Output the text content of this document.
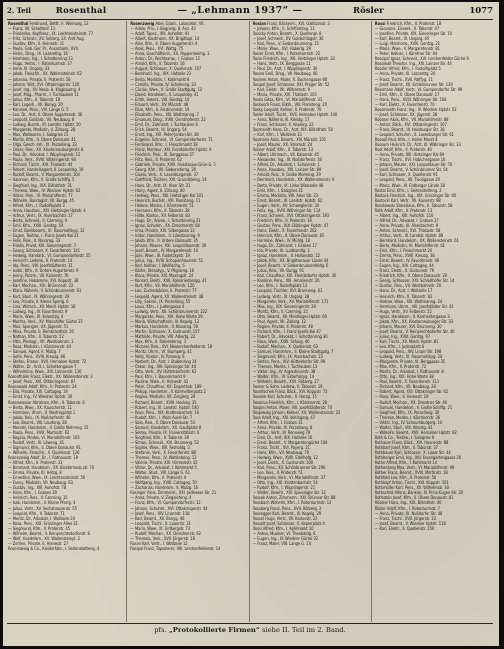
2. Teil	Rosenthal	— „Lehmann 1937“ —	Rösler	1077
Rosenthal Ferdinand, Bettf., II. Weimarg. 13
— Franz, VII. Schottenf. 11
— Friederike, Kopfbesc., IX. Liechtensteinstr. 77
— Fritz, Schnstr., XV. Selzerg. 24. Amt Aug.
— Gustav, Kfm., II. Heinestr. 31
— Paula, Geb. Ger. Pr., Ausschank, XVII.
— Heinr., Drog., IX. Lazarethg. 16
— Hermann, Ing., I. Schottenring 13
— Hugo, Vertrs., I. Rotenturmstr. 17
— Irene, III. Ungarg. 33
— Jakob, Fleischh., XX. Wallensteinstr. 62
— Johanna, Private, II. Praterstr. 58
— Johann, Wirt, XVI. Ottakringerstr. 120
— Josef, Ing., XV. Neub. 8. Klagbaumg. 4
— Josef, Mag., Pharm., I. Tuchlauben 11
— Julius, Kfm., II. Taborstr. 18
— Karl, Lagerh., XII. Bonyg. 20
— Karoline, Pens., VIII. Lange G. 5
— Leo, Dr., Arzt, II. Obere Augartenstr. 36
— Leopold, Goldarb., VII. Neubaug. 8
— Ludwig, Buchh., III. Landstr. Hptstr. 50
— Margarete, Modistin, II. Zirkusg. 28
— Max, Wollwaren, I. Salzgries 15
— Moritz, Kfm., II. Obere Donaustr. 41
— Olga, Gesch.-Inh., IX. Porzellang. 22
— Oskar, Reis., XX. Klosterneuburgerstr. 8
— Paul, Dr., Advokat, I. Wipplingerstr. 12
— Paula, Verk., XVIII. Währingerstr. 90
— Richard, Tischl., XVI. Thaliastr. 44
— Robert, Handelsagent, II. Leopoldsg. 19
— Rudolf, Beamt., V. Margaretenstr. 104
— Salomon, Kfm., II. Große Schiffg. 5
— Siegfried, Ing., XIX. Billrothstr. 31
— Therese, Wwe., IV. Wiedner Hptstr. 62
— Viktor, Prok., VI. Mariahilferstr. 77
— Wilhelm, Bandagist, VII. Burgg. 45
— Alfred, Kfm., I. Rudolfsplatz 3
— Anna, Hausbes., XIII. Hietzinger Hptstr. 4
— Arthur, Vertr., IX. Alserbachstr. 17
— Berta, Schneid., II. Czerning. 9
— Emil, Kfm., XVIII. Gentzg. 54
— Ernst, Bankbeamt., III. Rasumofskyg. 12
— Eugen, Textilw., I. Franz-Josefs-Kai 21
— Felix, Reis., II. Novarag. 33
— Frieda, Privat, XIX. Sieveringerstr. 7
— Georg, Schlosser, X. Favoritenstr. 141
— Hedwig, Handarb., VI. Gumpendorferstr. 55
— Heinrich, Lederw., II. Praterstr. 14
— Ida, Pens., VIII. Josefstädterstr. 31
— Isidor, Kfm., II. Untere Augartenstr. 9
— Jenny, Putzm., VII. Kaiserstr. 76
— Josefine, Hebamme, XVI. Koppstr. 38
— Karl, Mechan., XXI. Brünnerstr. 22
— Klara, Näherin, V. Schönbrunnerstr. 91
— Kurt, Stud., IX. Währingerstr. 29
— Lea, Private, II. Kleine Sperlg. 6
— Lina, Wirtsch., XII. Meidl. Hptstr. 18
— Ludwig, Ing., IV. Favoritenstr. 9
— Marie, Wwe., III. Kolonitzg. 4
— Martha, Verk., XV. Mariahilfer Gürtel 37
— Max, Spengler, XX. Jägerstr. 51
— Mina, Private, II. Rembrandtstr. 20
— Nathan, Kfm., II. Taborstr. 52
— Otto, Photogr., VII. Westbahnstr. 3
— Rosa, Modistin, I. Kärntnerstr. 44
— Samuel, Agent, II. Malzg. 7
— Sofie, Pens., XVIII. Kreuzg. 66
— Stefan, Friseur, XVII. Hernalser Hptstr. 72
— Walter, Dr., Arzt, I. Schottengasse 7
— Wilhelmine, Wwe., XIII. Lainzerstr. 130
Rosenthaler Franz, Elektr., XX. Wallensteinstr. 3
— Josef, Pens., XVI. Ottakringerstr. 87
Rosenwald Adolf, Kfm., II. Praterstr. 24
— Ella, Private, XIX. Cottageg. 19
— Ernst, Ing., IV. Wiedner Hptstr. 30
Rosenwasser Abraham, Kfm., II. Taborstr. 6
— Berta, Wwe., XX. Rauscherstr. 11
— Hermann, Uhrm., II. Nestroyplatz 1
— Jakob, Reis., IX. Nußdorferstr. 40
— Leo, Beamt., VIII. Laudong. 28
— Mendel, Handelsm., II. Große Mohreng. 15
— Paula, Pens., XVIII. Martinstr. 62
— Regina, Modes, VI. Mariahilferstr. 103
— Rudolf, Vertr., III. Löweng. 41
— Sigmund, Kfm., II. Obere Donaustr. 91
— Wilhelm, Fleischh., X. Quellenstr. 126
Rosenzweig Adolf, Dr., I. Rathausstr. 19
— Alfred, Kfm., II. Praterstr. 33
— Bernhard, Handelsm., XX. Klosterneub.str. 70
— Emma, Private, III. Hetzg. 8
— Ernestine, Wwe., IX. Liechtensteinstr. 50
— Fanny, Modistin, VII. Neubaug. 63
— Gustav, Ing., XIII. Auhofstr. 78
— Hans, Kfm., I. Graben 29
— Heinrich, Reis., II. Czerning. 15
— Isak, Handelsm., II. Kleine Pfarrg. 4
— Julius, Vertr., XV. Sechshauserstr. 55
— Leopold, Kfm., II. Taborstr. 71
— Moritz, Dr., Advokat, I. Wollzeile 24
— Rosa, Pens., XIX. Grinzinger Allee 31
— Siegmund, Kfm., II. Praterstr. 45
— Wilhelm, Beamt., V. Reinprechtsdorferstr. 8
— Wolf, Handelsm., XX. Wallensteinpl. 2
— Zerline, Private, II. Heinestr. 27
Rosenzweig & Co., Kleiderfabr., I. Seitenstetteng. 4
Rosenzweig Abel, Glash., Laborator, VII.
— Adele, Priv., I. Bognerg. 8. Anz. 43
— Adolf, Tapez., XIII. Auhofstr. 91
— Albert, Kaufmann, XX. Brigittapl. 14
— Alex, Kfm., II. Obere Augartenstr. 4
— Alois, Pens., XVI. Wattg. 75
— Anna, Geschäftsinh., XX. Pappenheimg. 3
— Anton, Dr., Rechtsanw., I. Graben 12
— Arnold, Kfm., II. Taborstr. 16
— August, Schlosser, X. Quellenstr. 107
— Bernhard, Ing., XIX. Hofzeile 23
— Berta, Modistin, I. Kohlmarkt 8
— Camilla, Private, IV. Schelleing. 33
— Cäcilie, Wwe., II. Große Stadtgutg. 12
— David, Handelsm., II. Leopoldsg. 41
— Edith, Sekret., VIII. Skodag. 10
— Eduard, Vertr., XV. Märzstr. 48
— Elias, Kfm., II. Ferdinandstr. 19
— Elisabeth, Pens., XIII. Wattmanng. 7
— Emanuel, Drog., XVIII. Gersthoferstr. 22
— Emil, Dr., Zahnarzt, I. Tuchlauben 6
— Erich, Beamt., III. Ungarg. 54
— Ernst, Ing., XIX. Peter-Jordan-Str. 38
— Eugenie, Schneid., VI. Gumpendorferstr. 71
— Ferdinand, Kfm., I. Fleischmarkt 18
— Franz, Monteur, XXI. Floridsdorfer Hptstr. 9
— Friedrich, Prok., IX. Berggasse 27
— Fritz, Reis., II. Praterstr. 62
— Gabriele, Private, XVIII. Anastasius-Grün-G. 5
— Georg, Kfm., VII. Siebensterng. 20
— Gisela, Verk., X. Laxenburgerstr. 37
— Gottfried, Tischler, XVI. Grundsteing. 14
— Hans, Dr., Arzt, IX. Alser Str. 21
— Harry, Agent, II. Zirkusg. 40
— Hedwig, Pens., XIII. Hietzinger Kai 101
— Heinrich, Buchdr., VIII. Piaristeng. 11
— Helene, Modes, I. Kärntnerstr. 51
— Hermann, Kfm., II. Taborstr. 28
— Hilde, Kontor., XV. Felberstr. 83
— Hugo, Dr., Advok., I. Schottenring 21
— Ignaz, Schuhm., XX. Dresdnerstr. 64
— Irma, Private, XIX. Silbergasse 12
— Isidor, Handelsm., II. Lilienbrunng. 9
— Jakob, Kfm., II. Untere Donaustr. 35
— Johann, Maurer, XXI. Leopoldauerstr. 30
— Josef, Beamt., IV. Margaretenstr. 14
— Julie, Wwe., III. Radetzkystr. 19
— Julius, Ing., XVIII. Schopenhauerstr. 51
— Karl, Kellner, I. Wallfischg. 6
— Käthe, Stenotyp., V. Pilgramg. 16
— Klara, Private, XIII. Maxingstr. 24
— Konrad, Elektr., XVII. Kalvarienbergg. 41
— Kurt, Kfm., VII. Mariahilferstr. 120
— Leo, Zuckerbäcker, II. Praterstr. 77
— Leopold, Agent, XX. Wallensteinstr. 48
— Lilly, Sekret., IX. Porzellang. 55
— Louis, Kfm., I. Judengasse 4
— Ludwig, Vertr., XII. Schönbrunnerstr. 222
— Margarete, Pens., XIX. Hohe Warte 29
— Maria, Wirtschafterin, III. Kegelg. 13
— Markus, Handelsm., II. Novarag. 50
— Martin, Schlosser, X. Gudrunstr. 157
— Mathilde, Private, VIII. Albertg. 22
— Max, Kfm., II. Rotensterng. 3
— Michael, Reis., XVI. Neulerchenfelderstr. 18
— Moritz, Uhrm., VI. Stumperg. 41
— Nelly, Kontor., IV. Rainerg. 6
— Norbert, Dr., Arzt, I. Stubenring 14
— Oskar, Ing., XIII. Speisinger Str. 44
— Otto, Vertr., XV. Hütteldorferstr. 62
— Paul, Kfm., I. Bauernmarkt 9
— Pauline, Wwe., II. Heinestr. 41
— Peter, Chauffeur, XX. Engerthstr. 189
— Philipp, Handelsm., II. Karmeliterplatz 2
— Regine, Modistin, VII. Zieglerg. 29
— Richard, Beamt., XVIII. Hockeg. 35
— Robert, Ing., III. Landstr. Hptstr. 140
— Rosa, Pens., XIX. Krottenbachstr. 16
— Rudolf, Kfm., I. Marc-Aurel-Str. 7
— Salo, Reis., II. Obere Donaustr. 53
— Samuel, Handelsm., XX. Gaußplatz 8
— Selma, Private, IX. Universitätsstr. 6
— Siegfried, Kfm., II. Taborstr. 39
— Simon, Schneid., XVI. Brunneng. 52
— Sophie, Wwe., XIII. Fasholdg. 3
— Stefanie, Verk., X. Favoritenstr. 88
— Therese, Pens., IV. Wohllebeng. 12
— Valerie, Private, XIX. Himmelstr. 42
— Viktor, Dr., Advokat, I. Kohlmarkt 5
— Walter, Stud., VIII. Lange G. 61
— Wilhelm, Kfm., II. Praterstr. 9
— Wolfgang, Ing., XVIII. Cottageg. 70
— Zacharias, Handelsm., II. Malzg. 16
Rosinger Alois, Zimmerm., XXI. Jedleseer Str. 21
— Anna, Private, V. Ziegelofeng. 4
— Franz, Kfm., VI. Gumpendorferstr. 12
— Johann, Schuhm., XVI. Ottakringerstr. 44
— Josef, Pens., XIV. Linzerstr. 118
— Karl, Beamt., XII. Bonyg. 46
— Leopold, Tischl., X. Laaerstr. 31
— Maria, Wwe., III. Erdbergstr. 73
— Rudolf, Mechan., XX. Dresdnerstr. 92
— Theresia, Verk., XVII. Jörgerstr. 18
Rosini Karl, Vertr., I. Wollzeile 12
Rosipal Franz, Tapezierer, VIII. Lerchenfelderstr. 14
Rosian Franz, Bäckerm., XVI. Gallitzinstr. 3
— Johann, Kfm., II. Schiffamtsg. 11
Rosicky Anton, Beamt., X. Quellenpl. 8
— Josef, Schneid., XV. Goldschlagstr. 36
— Karl, Pens., V. Siebenbrunneng. 15
— Marie, Wwe., XVI. Haberlg. 29
Rosier Ernst, Kfm., I. Rotenturmstr. 22
Rosin Friedrich, Ing., XIII. Hietzinger Hptstr. 33
— Hans, Vertr., IX. Berggasse 11
— Paul, Dr., Arzt, I. Wipplingerstr. 30
Rosina Emil, Drog., VII. Neubaug. 40
Rosinek Anton, Maler, X. Buchengasse 80
Rosipal Josef, Schlosser, XXI. Prager Str. 52
— Karl, Elektr., XII. Wilhelmstr. 9
— Maria, Private, XVI. Thaliastr. 103
Roska Géza, Kfm., VI. Mariahilferstr. 31
Roskosch Franz, Bildh., VIII. Piaristeng. 20
Rosky Leopold, Kellner, II. Praterstr. 70
Rosler Adolf, Tischl., XVII. Hernalser Hptstr. 140
— Anna, Näherin, III. Kleistg. 17
— Franz, Schlosser, X. Keplerg. 22
Rosmanith Hans, Dr., Arzt, XIX. Billrothstr. 58
— Karl, Kfm., I. Wollzeile 33
Rosmann Alois, Beamt., XIV. Märzstr. 101
— Josef, Maurer, XX. Stromstr. 24
Rosner Adolf, Kfm., II. Taborstr. 13
— Albert, Uhrmach., VII. Kaiserstr. 45
— Alexander, Ing., IX. Nußdorferstr. 18
— Alfred, Dr., Advokat, I. Schulerstr. 1
— Anna, Hausbes., XIII. Lainzer Str. 89
— Arnold, Reis., II. Große Mohreng. 29
— Bernhard, Handelsm., XX. Wallensteinstr. 9
— Berta, Private, VI. Linke Wienzeile 48
— Emil, Kfm., I. Salzgries 21
— Emma, Modistin, VIII. Alser Str. 23
— Ernst, Beamt., III. Landstr. Hptstr. 62
— Eugen, Vertr., XV. Schweglerstr. 34
— Felix, Ing., XVIII. Währinger Str. 114
— Franz, Schneid., XVI. Ottakringerstr. 193
— Friedrich, Kfm., II. Praterstr. 36
— Gustav, Pens., XIX. Döblinger Hptstr. 47
— Hans, Elektr., X. Favoritenstr. 202
— Heinrich, Kfm., II. Obere Donaustr. 65
— Hermine, Wwe., IV. Mühlg. 18
— Hugo, Dr., Zahnarzt, I. Graben 17
— Ida, Private, IX. Lustkandlg. 3
— Ignaz, Handelsm., II. Hollandstr. 12
— Jakob, Kfm., XX. Brigittenauer Lände 44
— Josef, Beamt., V. Siebenbrunnenfeldg. 6
— Julius, Reis., VII. Burgg. 91
— Karl, Chauffeur, XXI. Floridsdorfer Hptstr. 36
— Karoline, Pens., XIII. Amalienstr. 20
— Leo, Kfm., I. Rudolfsplatz 12
— Leopold, Tischler, XVI. Brunneng. 61
— Ludwig, Vertr., III. Ungarg. 28
— Margarete, Verk., XV. Mariahilferstr. 171
— Max, Ing., XIX. Sieveringerstr. 29
— Moritz, Kfm., II. Czerning. 21
— Otto, Beamt., XII. Meidlinger Hptstr. 66
— Paul, Agent, VII. Zollerg. 12
— Regine, Private, II. Praterstr. 48
— Richard, Kfm., I. Franz-Josefs-Kai 47
— Robert, Dr., Advokat, I. Schottenring 30
— Rosa, Wwe., XVIII. Schulg. 40
— Rudolf, Mechan., X. Quellenstr. 63
— Samuel, Handelsm., II. Kleine Stadtgutg. 7
— Siegmund, Kfm., IX. Alserbachstr. 23
— Stefan, Pens., XIV. Hütteldorfer Str. 99
— Therese, Modes, I. Tuchlauben 13
— Viktor, Ing., IV. Argentinierstr. 38
— Walter, Kfm., VI. Esterházyg. 14
— Wilhelm, Beamt., XVII. Rötzerg. 27
Rosner & Sohn, Lederw., II. Taborstr. 19
Rosnitschek Franz, Bäck., XVI. Koppstr. 72
Rosolek Karl, Schuhm., X. Herzg. 15
Rosorius Friedrich, Kfm., I. Kärntnerstr. 28
Rospini Anton, Maler, VIII. Josefstädterstr. 70
Rospiwsky Johann, Kellner, XX. Wallensteinstr. 22
Ross Adolf, Ing., XIII. Veitingerg. 47
— Alfred, Kfm., I. Graben 31
— Anna, Private, IX. Porzellang. 8
— Arthur, Vertr., III. Rennweg 78
— Emil, Dr., Arzt, XIX. Hofzeile 16
— Ernst, Beamt., V. Margaretengürtel 104
— Franz, Tischl., XVI. Payerg. 21
— Hans, Kfm., VII. Neubaug. 70
— Hedwig, Wwe., XVIII. Edelhofg. 12
— Josef, Elektr., X. Gudrunstr. 100
— Karl, Pens., XII. Schönbrunner Str. 290
— Leo, Reis., II. Praterstr. 51
— Margarete, Verk., VI. Mariahilferstr. 37
— Otto, Ing., XIX. Krottenbachstr. 54
— Rudolf, Kfm., I. Wipplingerstr. 21
— Walter, Beamt., XIII. Speisinger Str. 12
Rossak Anton, Zimmerm., XXI. Brünner Str. 88
Rossbach Wilhelm, Kfm., I. Rotenturmstr. 13
Rossberg Franz, Pens., XVII. Rötzerg. 3
Rossegger Karl, Beamt., III. Kegelg. 29
Rossel Hugo, Vertr., VII. Kaiserstr. 23
Rosselt Josef, Schlosser, X. Keplerplatz 4
Rossi Alfred, Kfm., I. Kohlmarkt 10
— Anton, Musiker, VI. Theobaldg. 6
— Eugen, Ing., IV. Wiedner Gürtel 32
— Franz, Maler, VIII. Lange G. 14
Rossi Friedrich, Kfm., II. Praterstr. 18
— Giovanni, Eisverk., II. Taborstr. 47
— Josefine, Private, XIX. Sieveringer Str. 10
— Karl, Beamt., III. Ungarg. 45
— Luigi, Marmorw., XVIII. Gentzg. 21
— Maria, Wwe., V. Margaretenstr. 81
— Peter, Kellner, I. Kärntner Str. 44
Rossipal Ignaz, Schneid., XVI. Lerchenfelder Gürtel 9
Rossiwall Theodor, Ing., XIII. Lainzer Str. 44
Rossler Alfred, Kfm., I. Rudolfsplatz 5
— Anna, Private, IX. Lazarettg. 20
— Franz, Tischl., XVII. Palffyg. 11
— Josef, Beamt., XII. Schönbrunner Str. 139
Rossmann Adolf, Vertr., VI. Gumpendorfer Str. 99
— Emil, Kfm., II. Obere Donaustr. 17
— Hans, Pens., XVIII. Währinger Str. 168
— Karl, Elektr., X. Favoritenstr. 70
Rossmanith Franz, Ing., IV. Wiedner Hptstr. 52
— Josef, Schlosser, XX. Jägerstr. 28
Rossner Alois, Kfm., VII. Mariahilferstr. 88
— Anton, Bäck., XVI. Ottakringerstr. 107
— Franz, Beamt., III. Hainburger Str. 36
— Leopold, Schuhm., X. Laxenburger Str. 61
Rossoll Paul, Kfm., I. Hoher Markt 4
Rossum Heinrich, Dr., Arzt, IX. Währinger Str. 33
Rost Adolf, Kfm., II. Praterstr. 40
— Anna, Private, XIII. Hietzinger Kai 69
— Franz, Tischl., XVI. Habichergasse 10
— Johann, Maurer, XXI. Leopoldauer Str. 70
— Josef, Beamt., V. Schönbrunner Str. 54
— Karl, Schlosser, X. Quellenstr. 91
— Leopold, Pens., XII. Tivoligasse 20
— Maria, Wwe., III. Erdberger Lände 18
Rostal Emil, Kfm., I. Seitenstetteng. 2
Rostock Friedrich, Ing., XIX. Grinzinger Str. 60
Rostocki Karl, Vertr., VII. Kaiserstr. 98
Roszkowski Stanislaus, Kfm., II. Taborstr. 58
Roth Adolf, Kfm., II. Praterstr. 13
— Albert, Ing., XIII. Auhofstr. 110
— Alfred, Dr., Advokat, I. Graben 27
— Anna, Private, IX. Alserbachstr. 9
— Anton, Schneid., XVI. Thaliastr. 58
— Arthur, Vertr., III. Landstr. Hptstr. 88
— Bernhard, Handelsm., XX. Wallensteinstr. 61
— Berta, Modistin, VI. Mariahilferstr. 61
— Emil, Kfm., I. Fleischmarkt 24
— Emma, Pens., XVIII. Kreuzg. 38
— Ernst, Beamt., IV. Favoritenstr. 40
— Eugen, Ing., XIX. Cottageg. 44
— Franz, Elektr., X. Gudrunstr. 76
— Friedrich, Kfm., II. Obere Donaustr. 29
— Georg, Schlosser, XXI. Schloßhofer Str. 14
— Gustav, Reis., VII. Westbahnstr. 20
— Hans, Dr., Arzt, I. Wollzeile 17
— Heinrich, Kfm., II. Taborstr. 82
— Helene, Wwe., XIII. Wattmanng. 24
— Hermann, Uhrm., VIII. Josefstädter Str. 41
— Hugo, Vertr., XV. Felberstr. 22
— Ignaz, Handelsm., II. Karmelitergasse 3
— Jakob, Kfm., XX. Klosterneuburger Str. 33
— Johann, Maurer, XVI. Brunneng. 30
— Josef, Beamt., V. Reinprechtsdorfer Str. 40
— Julius, Ing., XVIII. Gentzg. 97
— Karl, Tischl., XII. Meidl. Hptstr. 81
— Leo, Kfm., I. Judenplatz 6
— Leopold, Pens., XIV. Linzer Str. 198
— Ludwig, Vertr., III. Rasumofskyg. 20
— Margarete, Private, IX. Berggasse 35
— Max, Kfm., II. Praterstr. 72
— Moritz, Dr., Advokat, I. Rathausstr. 8
— Otto, Ing., XIX. Hohe Warte 38
— Paul, Beamt., X. Favoritenstr. 111
— Richard, Kfm., VII. Neubaug. 28
— Robert, Agent, XVI. Ottakringer Str. 62
— Rosa, Wwe., II. Heinestr. 19
— Rudolf, Mechan., XX. Dresdner Str. 46
— Samuel, Handelsm., II. Große Schiffg. 21
— Siegfried, Kfm., IX. Porzellang. 30
— Therese, Modes, I. Kärntnerstr. 36
— Viktor, Ing., IV. Schaumburgerg. 10
— Walter, Stud., VIII. Albertg. 41
— Wilhelm, Beamt., XVII. Hernalser Hptstr. 92
Roth & Co., Textilw., I. Salzgries 9
Rothauer Franz, Bäck., XVI. Hasnerstr. 88
Rothbart Josef, Kfm., II. Taborstr. 37
Rothbauer Karl, Schlosser, X. Laaer Str. 44
Rothberger Emil, Ing., XIII. Fasangartengasse 26
Rothe Alfred, Kfm., I. Kohlmarkt 14
Rothenberg Max, Vertr., VI. Mariahilferstr. 99
Rother Franz, Beamt., XVIII. Martinstr. 18
Rothfeld Leo, Kfm., II. Praterstr. 56
Rothkopf Anton, Tischl., XVI. Koppstr. 101
Rothmüller Karl, Pens., XII. Wilhelmstr. 30
Rothschild Alfons, Bankier, IV. Prinz-Eugen-Str. 20
Rothstein Josef, Kfm., II. Obere Donaustr. 81
Röseler Hans, Ing., XIX. Billrothstr. 40
Rösler Adolf, Kfm., I. Rotenturmstr. 7
— Anna, Private, IX. Nußdorfer Str. 48
— Franz, Tischl., XVII. Jörgerstr. 33
— Josef, Beamt., V. Wiedner Hptstr. 118
— Karl, Elektr., X. Quellenstr. 150
pfs. „Protokollierte Firmen“ siehe II. Teil im 2. Band.
